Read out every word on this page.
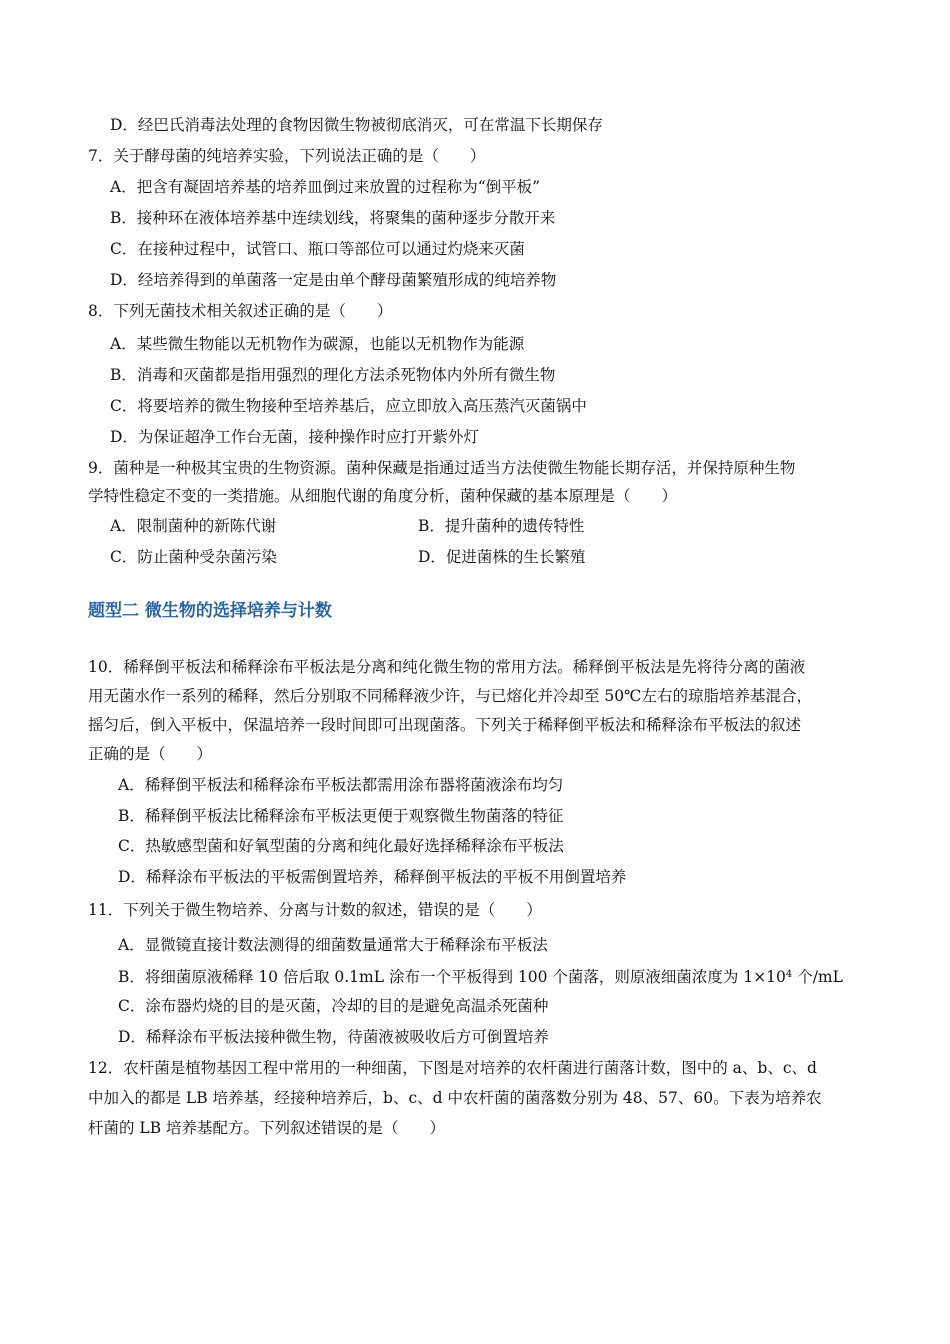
D．经巴氏消毒法处理的食物因微生物被彻底消灭，可在常温下长期保存
7．关于酵母菌的纯培养实验，下列说法正确的是（　　）
A．把含有凝固培养基的培养皿倒过来放置的过程称为“倒平板”
B．接种环在液体培养基中连续划线，将聚集的菌种逐步分散开来
C．在接种过程中，试管口、瓶口等部位可以通过灼烧来灭菌
D．经培养得到的单菌落一定是由单个酵母菌繁殖形成的纯培养物
8．下列无菌技术相关叙述正确的是（　　）
A．某些微生物能以无机物作为碳源，也能以无机物作为能源
B．消毒和灭菌都是指用强烈的理化方法杀死物体内外所有微生物
C．将要培养的微生物接种至培养基后，应立即放入高压蒸汽灭菌锅中
D．为保证超净工作台无菌，接种操作时应打开紫外灯
9．菌种是一种极其宝贵的生物资源。菌种保藏是指通过适当方法使微生物能长期存活，并保持原种生物
学特性稳定不变的一类措施。从细胞代谢的角度分析，菌种保藏的基本原理是（　　）
A．限制菌种的新陈代谢	B．提升菌种的遗传特性
C．防止菌种受杂菌污染	D．促进菌株的生长繁殖
题型二 微生物的选择培养与计数
10．稀释倒平板法和稀释涂布平板法是分离和纯化微生物的常用方法。稀释倒平板法是先将待分离的菌液
用无菌水作一系列的稀释，然后分别取不同稀释液少许，与已熔化并冷却至 50℃左右的琼脂培养基混合，
摇匀后，倒入平板中，保温培养一段时间即可出现菌落。下列关于稀释倒平板法和稀释涂布平板法的叙述
正确的是（　　）
A．稀释倒平板法和稀释涂布平板法都需用涂布器将菌液涂布均匀
B．稀释倒平板法比稀释涂布平板法更便于观察微生物菌落的特征
C．热敏感型菌和好氧型菌的分离和纯化最好选择稀释涂布平板法
D．稀释涂布平板法的平板需倒置培养，稀释倒平板法的平板不用倒置培养
11．下列关于微生物培养、分离与计数的叙述，错误的是（　　）
A．显微镜直接计数法测得的细菌数量通常大于稀释涂布平板法
B．将细菌原液稀释 10 倍后取 0.1mL 涂布一个平板得到 100 个菌落，则原液细菌浓度为 $1\times 10^4$ 个/mL
C．涂布器灼烧的目的是灭菌，冷却的目的是避免高温杀死菌种
D．稀释涂布平板法接种微生物，待菌液被吸收后方可倒置培养
12．农杆菌是植物基因工程中常用的一种细菌，下图是对培养的农杆菌进行菌落计数，图中的 a、b、c、d
中加入的都是 LB 培养基，经接种培养后，b、c、d 中农杆菌的菌落数分别为 48、57、60。下表为培养农
杆菌的 LB 培养基配方。下列叙述错误的是（　　）
